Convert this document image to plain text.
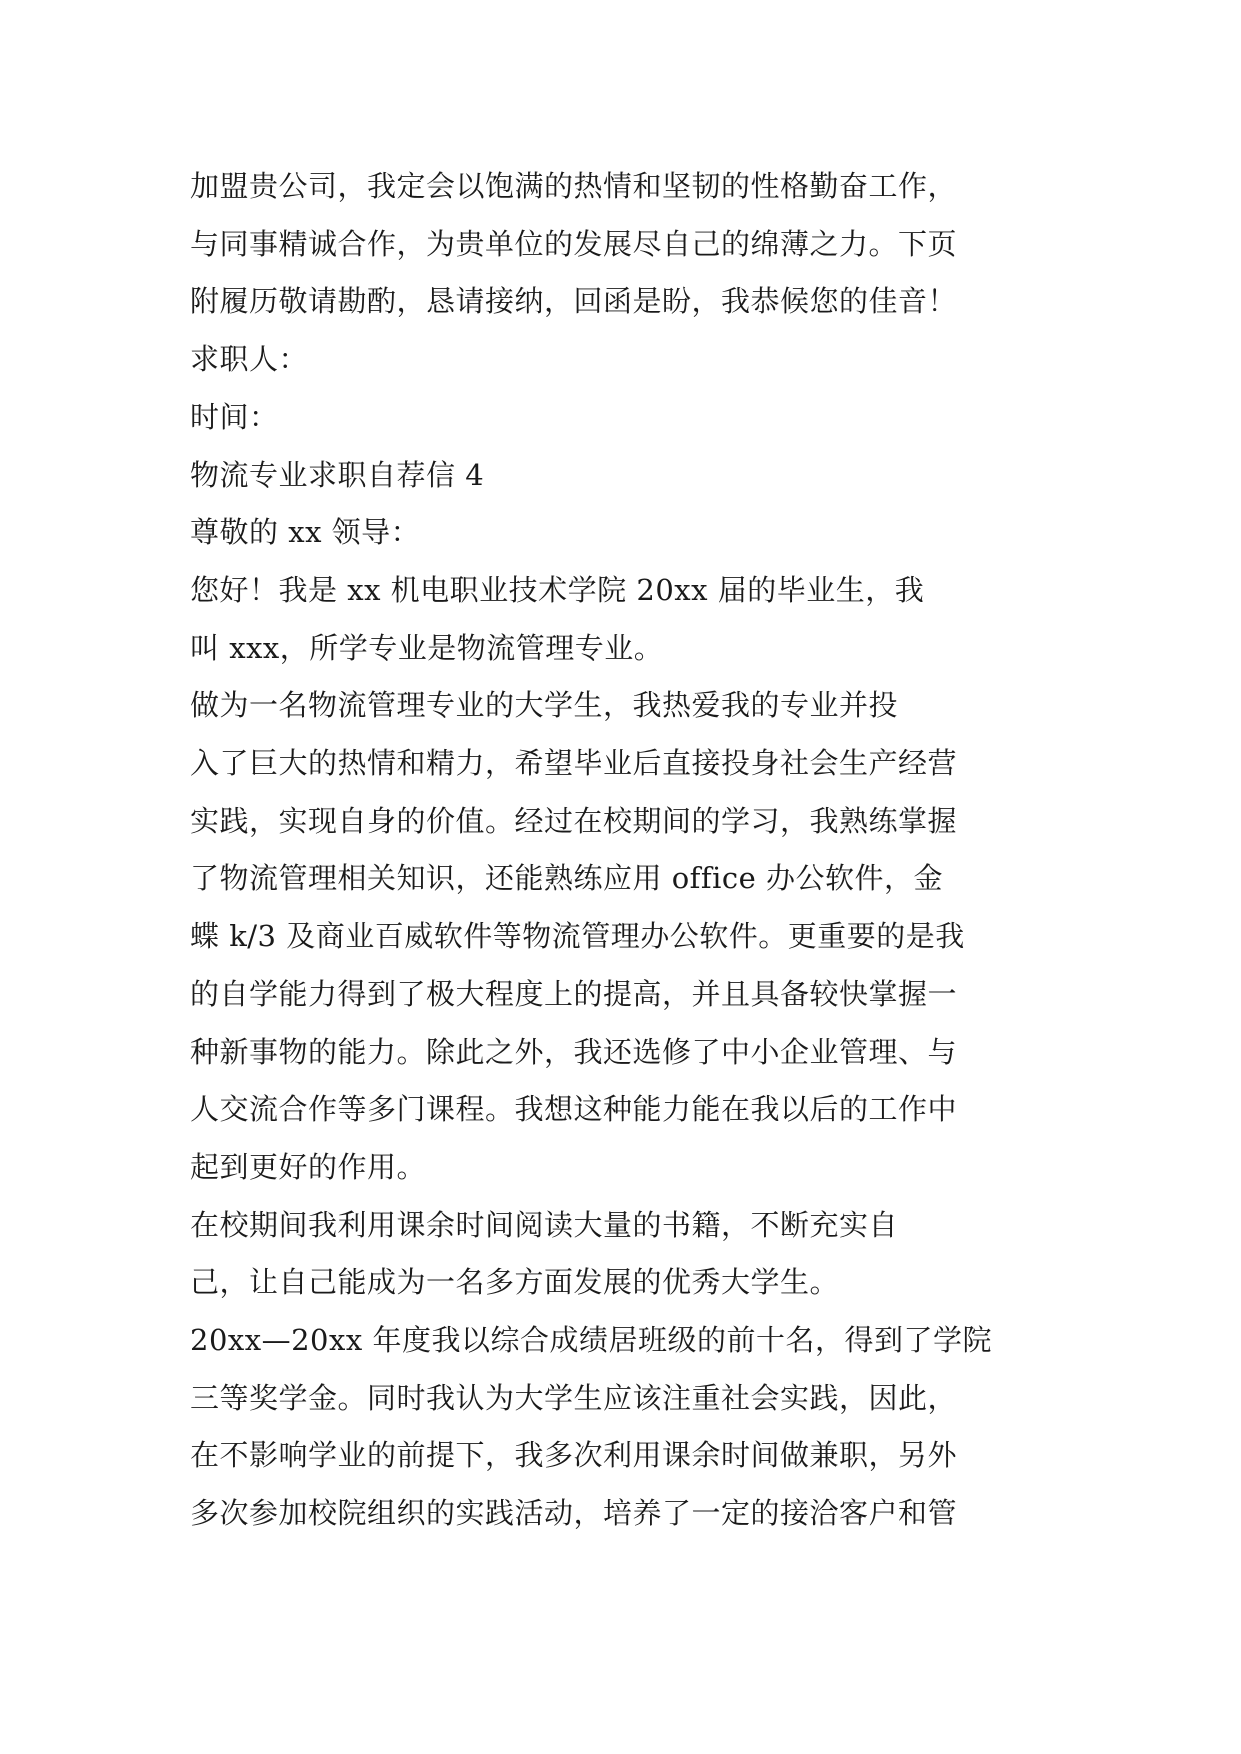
加盟贵公司，我定会以饱满的热情和坚韧的性格勤奋工作，

与同事精诚合作，为贵单位的发展尽自己的绵薄之力。下页

附履历敬请勘酌，恳请接纳，回函是盼，我恭候您的佳音！

求职人：

时间：

物流专业求职自荐信 4

尊敬的 xx 领导：

您好！我是 xx 机电职业技术学院 20xx 届的毕业生，我

叫 xxx，所学专业是物流管理专业。

做为一名物流管理专业的大学生，我热爱我的专业并投

入了巨大的热情和精力，希望毕业后直接投身社会生产经营

实践，实现自身的价值。经过在校期间的学习，我熟练掌握

了物流管理相关知识，还能熟练应用 office 办公软件，金

蝶 k/3 及商业百威软件等物流管理办公软件。更重要的是我

的自学能力得到了极大程度上的提高，并且具备较快掌握一

种新事物的能力。除此之外，我还选修了中小企业管理、与

人交流合作等多门课程。我想这种能力能在我以后的工作中

起到更好的作用。

在校期间我利用课余时间阅读大量的书籍，不断充实自

己，让自己能成为一名多方面发展的优秀大学生。

20xx—20xx 年度我以综合成绩居班级的前十名，得到了学院

三等奖学金。同时我认为大学生应该注重社会实践，因此，

在不影响学业的前提下，我多次利用课余时间做兼职，另外

多次参加校院组织的实践活动，培养了一定的接洽客户和管
